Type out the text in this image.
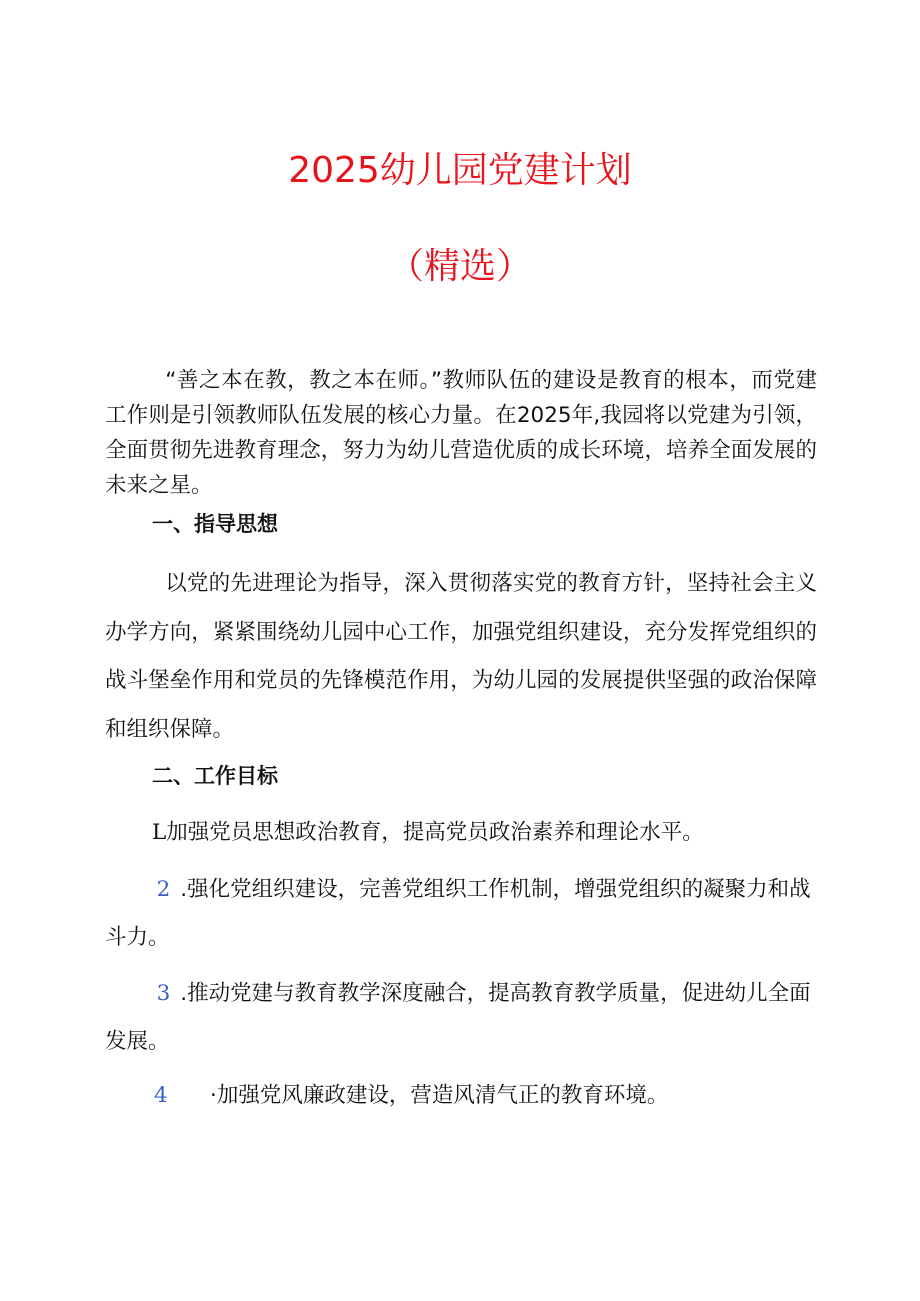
2025幼儿园党建计划
（精选）

“善之本在教，教之本在师。”教师队伍的建设是教育的根本，而党建工作则是引领教师队伍发展的核心力量。在2025年,我园将以党建为引领，全面贯彻先进教育理念，努力为幼儿营造优质的成长环境，培养全面发展的未来之星。

一、指导思想

以党的先进理论为指导，深入贯彻落实党的教育方针，坚持社会主义办学方向，紧紧围绕幼儿园中心工作，加强党组织建设，充分发挥党组织的战斗堡垒作用和党员的先锋模范作用，为幼儿园的发展提供坚强的政治保障和组织保障。

二、工作目标

L加强党员思想政治教育，提高党员政治素养和理论水平。

2 .强化党组织建设，完善党组织工作机制，增强党组织的凝聚力和战斗力。

3 .推动党建与教育教学深度融合，提高教育教学质量，促进幼儿全面发展。

4 ·加强党风廉政建设，营造风清气正的教育环境。
